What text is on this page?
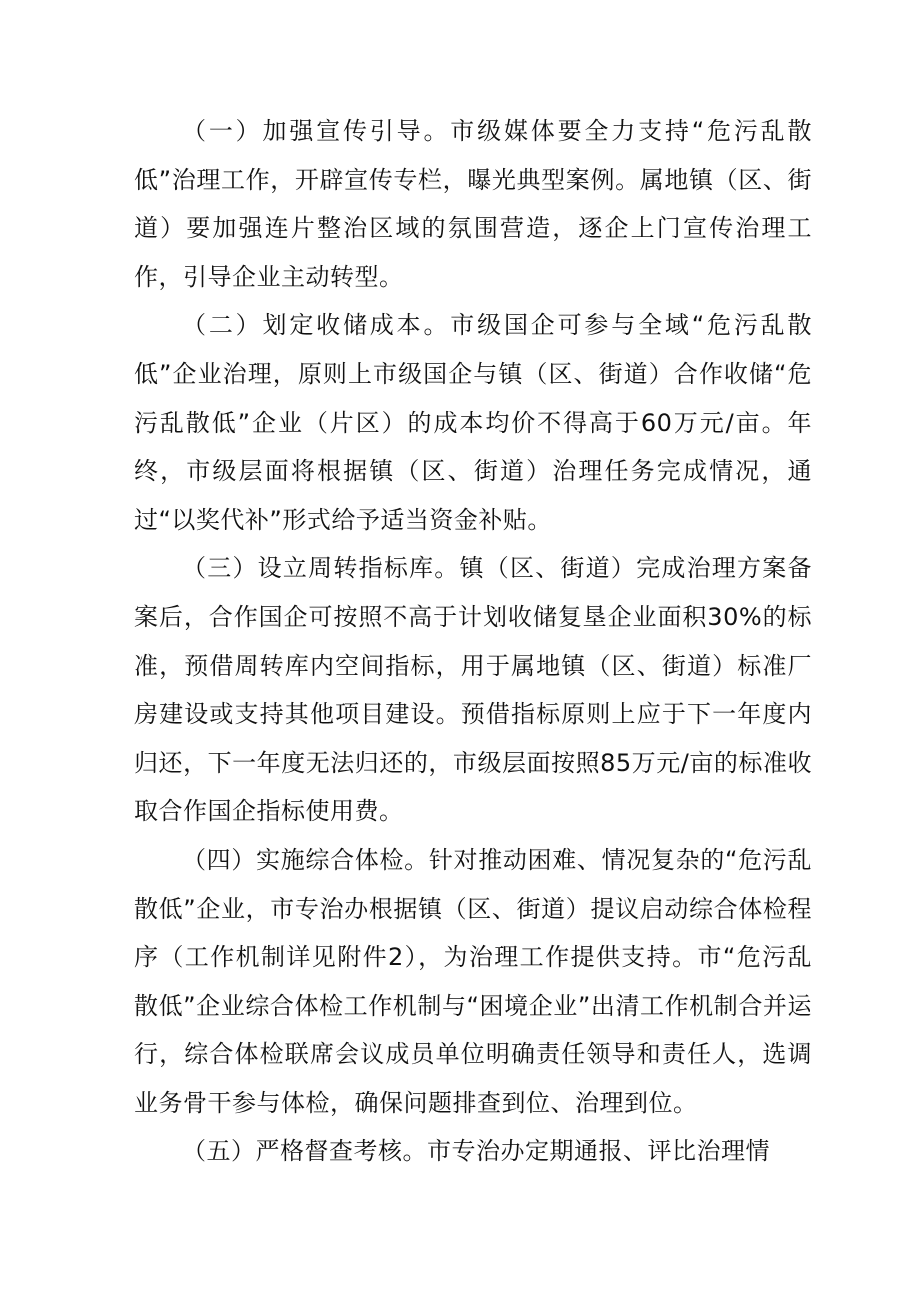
（一）加强宣传引导。市级媒体要全力支持“危污乱散低”治理工作，开辟宣传专栏，曝光典型案例。属地镇（区、街道）要加强连片整治区域的氛围营造，逐企上门宣传治理工作，引导企业主动转型。

（二）划定收储成本。市级国企可参与全域“危污乱散低”企业治理，原则上市级国企与镇（区、街道）合作收储“危污乱散低”企业（片区）的成本均价不得高于60万元/亩。年终，市级层面将根据镇（区、街道）治理任务完成情况，通过“以奖代补”形式给予适当资金补贴。

（三）设立周转指标库。镇（区、街道）完成治理方案备案后，合作国企可按照不高于计划收储复垦企业面积30%的标准，预借周转库内空间指标，用于属地镇（区、街道）标准厂房建设或支持其他项目建设。预借指标原则上应于下一年度内归还，下一年度无法归还的，市级层面按照85万元/亩的标准收取合作国企指标使用费。

（四）实施综合体检。针对推动困难、情况复杂的“危污乱散低”企业，市专治办根据镇（区、街道）提议启动综合体检程序（工作机制详见附件2），为治理工作提供支持。市“危污乱散低”企业综合体检工作机制与“困境企业”出清工作机制合并运行，综合体检联席会议成员单位明确责任领导和责任人，选调业务骨干参与体检，确保问题排查到位、治理到位。

（五）严格督查考核。市专治办定期通报、评比治理情
